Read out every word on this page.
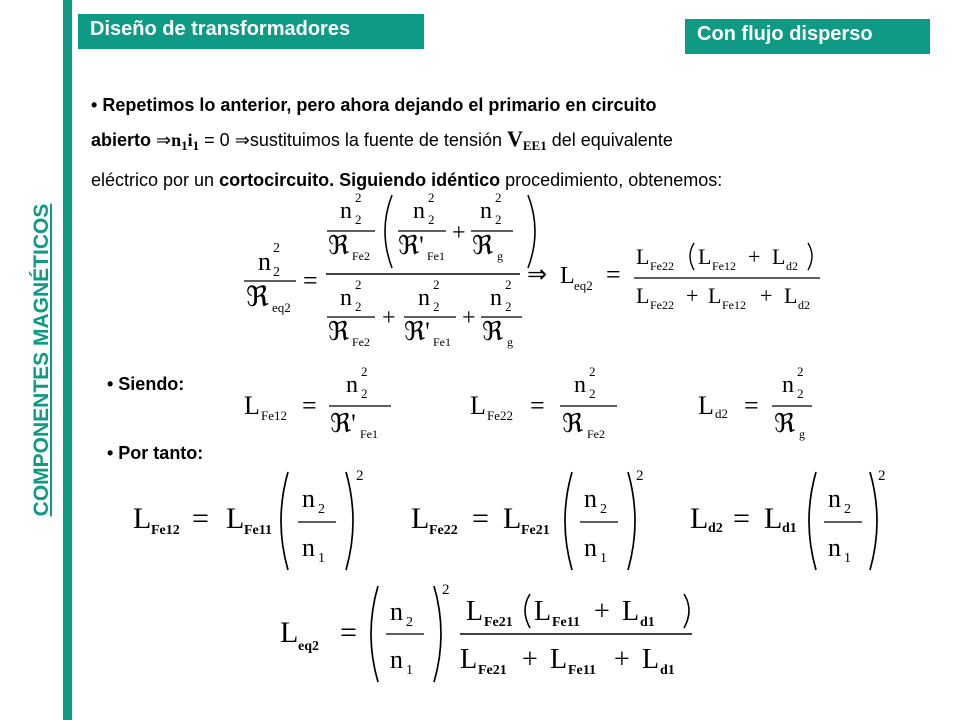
COMPONENTES MAGNÉTICOS
Diseño de transformadores	Con flujo disperso
• Repetimos lo anterior, pero ahora dejando el primario en circuito
abierto $\Rightarrow n_1i_1 = 0$ ⇒sustituimos la fuente de tensión $V_{EE1}$ del equivalente
eléctrico por un cortocircuito. Siguiendo idéntico procedimiento, obtenemos:
• Siendo:
• Por tanto:
n 2
2
ℜ eq2
=
n 2
2
ℜ Fe2
n 2
2
ℜ' Fe1
+
n 2
2
ℜ g
n 2
2
ℜ Fe2
+
n 2
2
ℜ' Fe1
+
n 2
2
ℜ g
⇒ L eq2 =
L Fe22 L Fe12 + L d2
L Fe22 + L Fe12 + L d2
L Fe12 =
n 2
2
ℜ' Fe1
L Fe22 =
n 2
2
ℜ Fe2
L d2 =
n 2
2
ℜ g
L Fe12 = L Fe11
n 2
n 1
2
L Fe22 = L Fe21
n 2
n 1
2
L d2 = L d1
n 2
n 1
2
L eq2 =
n 2
n 1
2
L Fe21 L Fe11 + L d1
L Fe21 + L Fe11 + L d1
